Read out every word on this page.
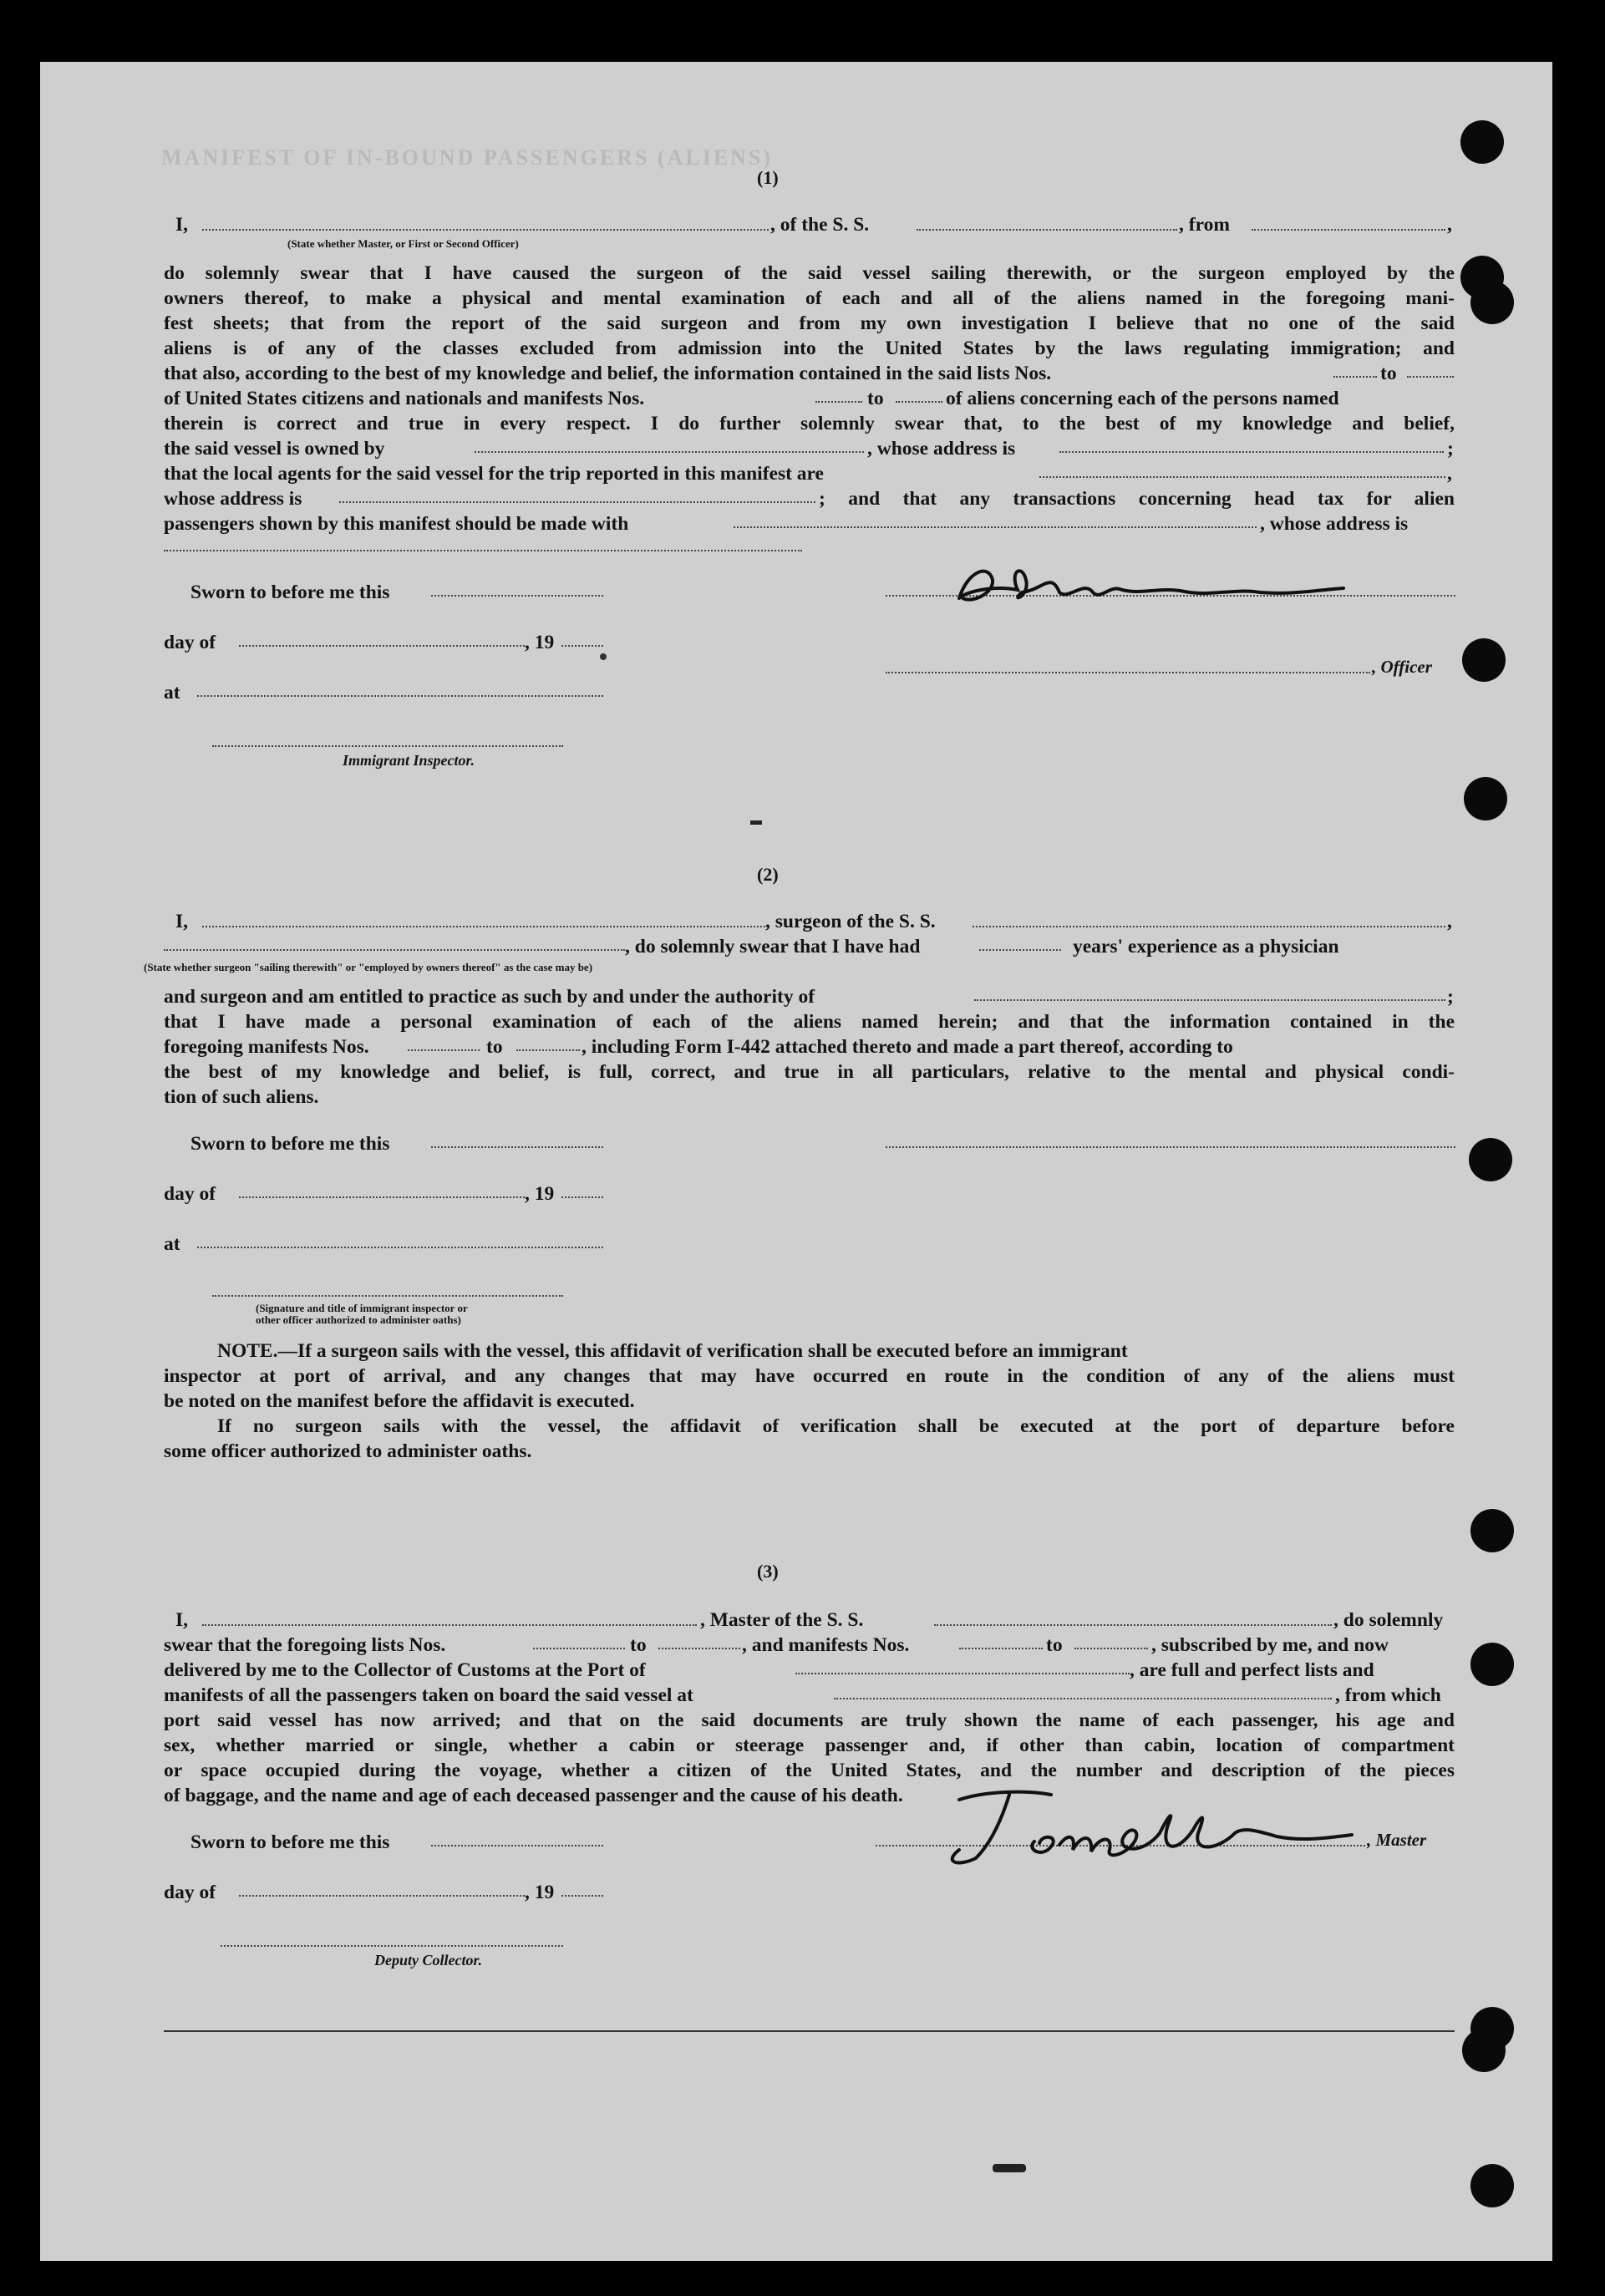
MANIFEST OF IN-BOUND PASSENGERS (ALIENS)
(1)
I,	, of the S. S.	, from	,
(State whether Master, or First or Second Officer)
do solemnly swear that I have caused the surgeon of the said vessel sailing therewith, or the surgeon employed by the
owners thereof, to make a physical and mental examination of each and all of the aliens named in the foregoing mani-
fest sheets; that from the report of the said surgeon and from my own investigation I believe that no one of the said
aliens is of any of the classes excluded from admission into the United States by the laws regulating immigration; and
that also, according to the best of my knowledge and belief, the information contained in the said lists Nos.	to
of United States citizens and nationals and manifests Nos.	to	of aliens concerning each of the persons named
therein is correct and true in every respect. I do further solemnly swear that, to the best of my knowledge and belief,
the said vessel is owned by	, whose address is	;
that the local agents for the said vessel for the trip reported in this manifest are	,
whose address is	; and that any transactions concerning head tax for alien
passengers shown by this manifest should be made with	, whose address is
Sworn to before me this
day of	, 19
at
Immigrant Inspector.
, Officer
(2)
I,	, surgeon of the S. S.	,
, do solemnly swear that I have had	years' experience as a physician
(State whether surgeon "sailing therewith" or "employed by owners thereof" as the case may be)
and surgeon and am entitled to practice as such by and under the authority of	;
that I have made a personal examination of each of the aliens named herein; and that the information contained in the
foregoing manifests Nos.	to	, including Form I-442 attached thereto and made a part thereof, according to
the best of my knowledge and belief, is full, correct, and true in all particulars, relative to the mental and physical condi-
tion of such aliens.
Sworn to before me this
day of	, 19
at
(Signature and title of immigrant inspector or
other officer authorized to administer oaths)
NOTE.—If a surgeon sails with the vessel, this affidavit of verification shall be executed before an immigrant
inspector at port of arrival, and any changes that may have occurred en route in the condition of any of the aliens must
be noted on the manifest before the affidavit is executed.
If no surgeon sails with the vessel, the affidavit of verification shall be executed at the port of departure before
some officer authorized to administer oaths.
(3)
I,	, Master of the S. S.	, do solemnly
swear that the foregoing lists Nos.	to	, and manifests Nos.	to	, subscribed by me, and now
delivered by me to the Collector of Customs at the Port of	, are full and perfect lists and
manifests of all the passengers taken on board the said vessel at	, from which
port said vessel has now arrived; and that on the said documents are truly shown the name of each passenger, his age and
sex, whether married or single, whether a cabin or steerage passenger and, if other than cabin, location of compartment
or space occupied during the voyage, whether a citizen of the United States, and the number and description of the pieces
of baggage, and the name and age of each deceased passenger and the cause of his death.
Sworn to before me this
day of	, 19
Deputy Collector.
, Master
